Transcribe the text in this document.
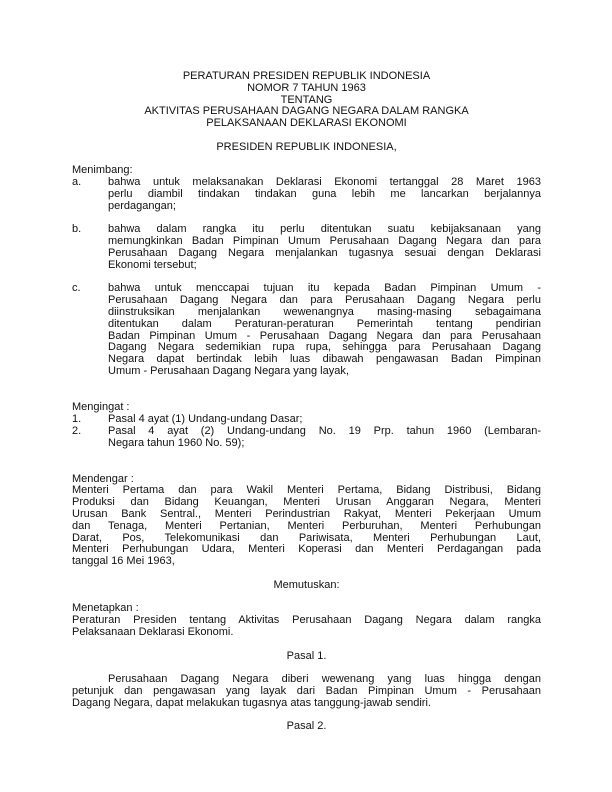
PERATURAN PRESIDEN REPUBLIK INDONESIA
NOMOR 7 TAHUN 1963
TENTANG
AKTIVITAS PERUSAHAAN DAGANG NEGARA DALAM RANGKA
PELAKSANAAN DEKLARASI EKONOMI
PRESIDEN REPUBLIK INDONESIA,
Menimbang:
a.	bahwa untuk melaksanakan Deklarasi Ekonomi tertanggal 28 Maret 1963
perlu diambil tindakan tindakan guna lebih me lancarkan berjalannya
perdagangan;
b.	bahwa dalam rangka itu perlu ditentukan suatu kebijaksanaan yang
memungkinkan Badan Pimpinan Umum Perusahaan Dagang Negara dan para
Perusahaan Dagang Negara menjalankan tugasnya sesuai dengan Deklarasi
Ekonomi tersebut;
c.	bahwa untuk menccapai tujuan itu kepada Badan Pimpinan Umum -
Perusahaan Dagang Negara dan para Perusahaan Dagang Negara perlu
diinstruksikan menjalankan wewenangnya masing-masing sebagaimana
ditentukan dalam Peraturan-peraturan Pemerintah tentang pendirian
Badan Pimpinan Umum - Perusahaan Dagang Negara dan para Perusahaan
Dagang Negara sedemikian rupa rupa, sehingga para Perusahaan Dagang
Negara dapat bertindak lebih luas dibawah pengawasan Badan Pimpinan
Umum - Perusahaan Dagang Negara yang layak,
Mengingat :
1.	Pasal 4 ayat (1) Undang-undang Dasar;
2.	Pasal 4 ayat (2) Undang-undang No. 19 Prp. tahun 1960 (Lembaran-
Negara tahun 1960 No. 59);
Mendengar :
Menteri Pertama dan para Wakil Menteri Pertama, Bidang Distribusi, Bidang
Produksi dan Bidang Keuangan, Menteri Urusan Anggaran Negara, Menteri
Urusan Bank Sentral., Menteri Perindustrian Rakyat, Menteri Pekerjaan Umum
dan Tenaga, Menteri Pertanian, Menteri Perburuhan, Menteri Perhubungan
Darat, Pos, Telekomunikasi dan Pariwisata, Menteri Perhubungan Laut,
Menteri Perhubungan Udara, Menteri Koperasi dan Menteri Perdagangan pada
tanggal 16 Mei 1963,
Memutuskan:
Menetapkan :
Peraturan Presiden tentang Aktivitas Perusahaan Dagang Negara dalam rangka
Pelaksanaan Deklarasi Ekonomi.
Pasal 1.
Perusahaan Dagang Negara diberi wewenang yang luas hingga dengan
petunjuk dan pengawasan yang layak dari Badan Pimpinan Umum - Perusahaan
Dagang Negara, dapat melakukan tugasnya atas tanggung-jawab sendiri.
Pasal 2.
